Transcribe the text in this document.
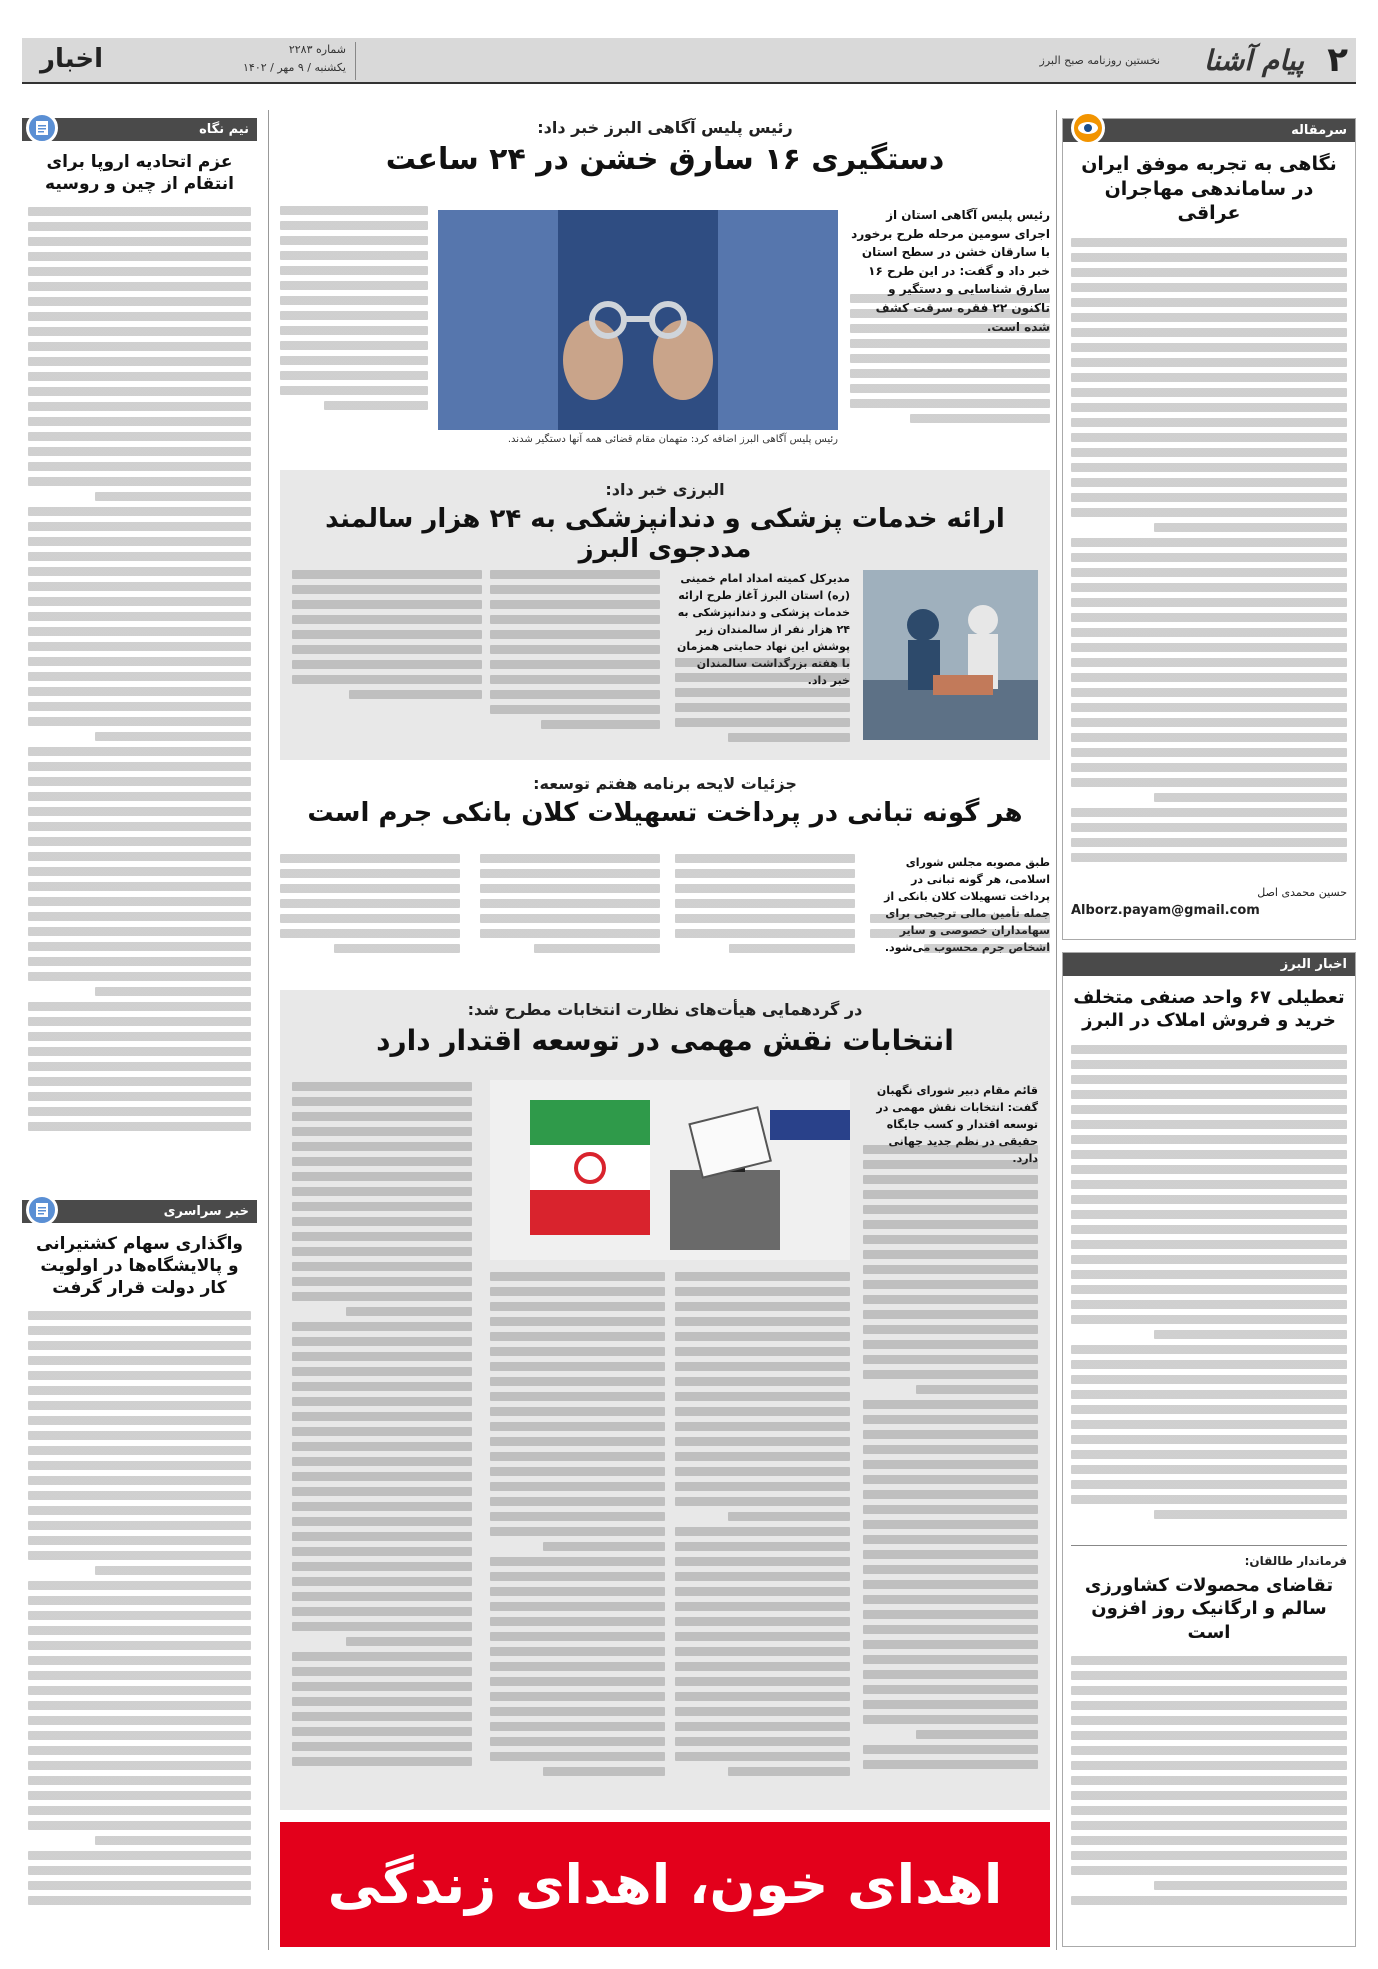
۲
پیام آشنا
نخستین روزنامه صبح البرز
شماره ۲۲۸۳
یکشنبه / ۹ مهر / ۱۴۰۲
اخبار
سرمقاله
نگاهی به تجربه موفق ایران در ساماندهی مهاجران عراقی
حسین محمدی اصل
Alborz.payam@gmail.com
اخبار البرز
تعطیلی ۶۷ واحد صنفی متخلف خرید و فروش املاک در البرز
فرماندار طالقان:
تقاضای محصولات کشاورزی سالم و ارگانیک روز افزون است
نیم نگاه
عزم اتحادیه اروپا برای انتقام از چین و روسیه
خبر سراسری
واگذاری سهام کشتیرانی و پالایشگاه‌ها در اولویت کار دولت قرار گرفت
رئیس پلیس آگاهی البرز خبر داد:
دستگیری ۱۶ سارق خشن در ۲۴ ساعت
رئیس پلیس آگاهی استان از اجرای سومین مرحله طرح برخورد با سارقان خشن در سطح استان خبر داد و گفت: در این طرح ۱۶ سارق شناسایی و دستگیر و تاکنون ۲۲ فقره سرقت کشف شده است.
رئیس پلیس آگاهی البرز اضافه کرد: متهمان مقام قضائی همه آنها دستگیر شدند.
البرزی خبر داد:
ارائه خدمات پزشکی و دندانپزشکی به ۲۴ هزار سالمند مددجوی البرز
مدیرکل کمیته امداد امام خمینی (ره) استان البرز آغاز طرح ارائه خدمات پزشکی و دندانپزشکی به ۲۴ هزار نفر از سالمندان زیر پوشش این نهاد حمایتی همزمان با هفته بزرگداشت سالمندان خبر داد.
جزئیات لایحه برنامه هفتم توسعه:
هر گونه تبانی در پرداخت تسهیلات کلان بانکی جرم است
طبق مصوبه مجلس شورای اسلامی، هر گونه تبانی در پرداخت تسهیلات کلان بانکی از جمله تأمین مالی ترجیحی برای سهامداران خصوصی و سایر اشخاص جرم محسوب می‌شود.
در گردهمایی هیأت‌های نظارت انتخابات مطرح شد:
انتخابات نقش مهمی در توسعه اقتدار دارد
قائم مقام دبیر شورای نگهبان گفت: انتخابات نقش مهمی در توسعه اقتدار و کسب جایگاه حقیقی در نظم جدید جهانی دارد.
اهدای خون، اهدای زندگی
